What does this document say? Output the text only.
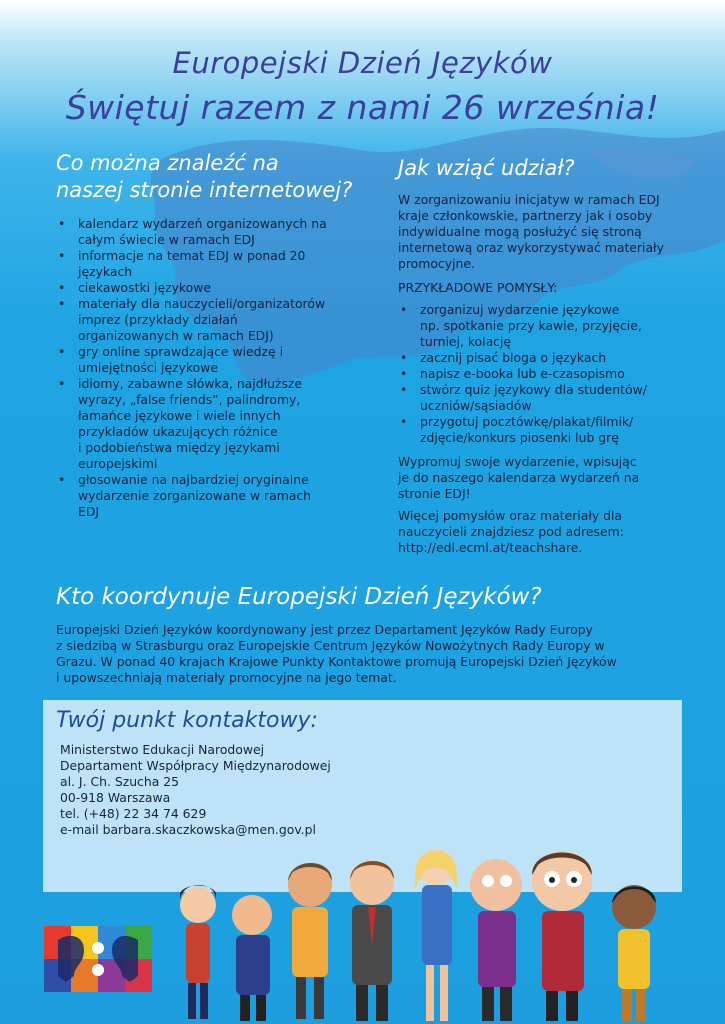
Europejski Dzień Języków
Świętuj razem z nami 26 września!
Co można znaleźć na
naszej stronie internetowej?
• kalendarz wydarzeń organizowanych na
całym świecie w ramach EDJ
• informacje na temat EDJ w ponad 20
językach
• ciekawostki językowe
• materiały dla nauczycieli/organizatorów
imprez (przykłady działań
organizowanych w ramach EDJ)
• gry online sprawdzające wiedzę i
umiejętności językowe
• idiomy, zabawne słówka, najdłuższe
wyrazy, „false friends”, palindromy,
łamańce językowe i wiele innych
przykładów ukazujących różnice
i podobieństwa między językami
europejskimi
• głosowanie na najbardziej oryginalne
wydarzenie zorganizowane w ramach
EDJ
Jak wziąć udział?
W zorganizowaniu inicjatyw w ramach EDJ
kraje członkowskie, partnerzy jak i osoby
indywidualne mogą posłużyć się stroną
internetową oraz wykorzystywać materiały
promocyjne.
PRZYKŁADOWE POMYSŁY:
• zorganizuj wydarzenie językowe
np. spotkanie przy kawie, przyjęcie,
turniej, kolację
• zacznij pisać bloga o językach
• napisz e-booka lub e-czasopismo
• stwórz quiz językowy dla studentów/
uczniów/sąsiadów
• przygotuj pocztówkę/plakat/filmik/
zdjęcie/konkurs piosenki lub grę
Wypromuj swoje wydarzenie, wpisując
je do naszego kalendarza wydarzeń na
stronie EDJ!
Więcej pomysłów oraz materiały dla
nauczycieli znajdziesz pod adresem:
http://edl.ecml.at/teachshare.
Kto koordynuje Europejski Dzień Języków?
Europejski Dzień Języków koordynowany jest przez Departament Języków Rady Europy
z siedzibą w Strasburgu oraz Europejskie Centrum Języków Nowożytnych Rady Europy w
Grazu. W ponad 40 krajach Krajowe Punkty Kontaktowe promują Europejski Dzień Języków
i upowszechniają materiały promocyjne na jego temat.
Twój punkt kontaktowy:
Ministerstwo Edukacji Narodowej
Departament Współpracy Międzynarodowej
al. J. Ch. Szucha 25
00-918 Warszawa
tel. (+48) 22 34 74 629
e-mail barbara.skaczkowska@men.gov.pl
